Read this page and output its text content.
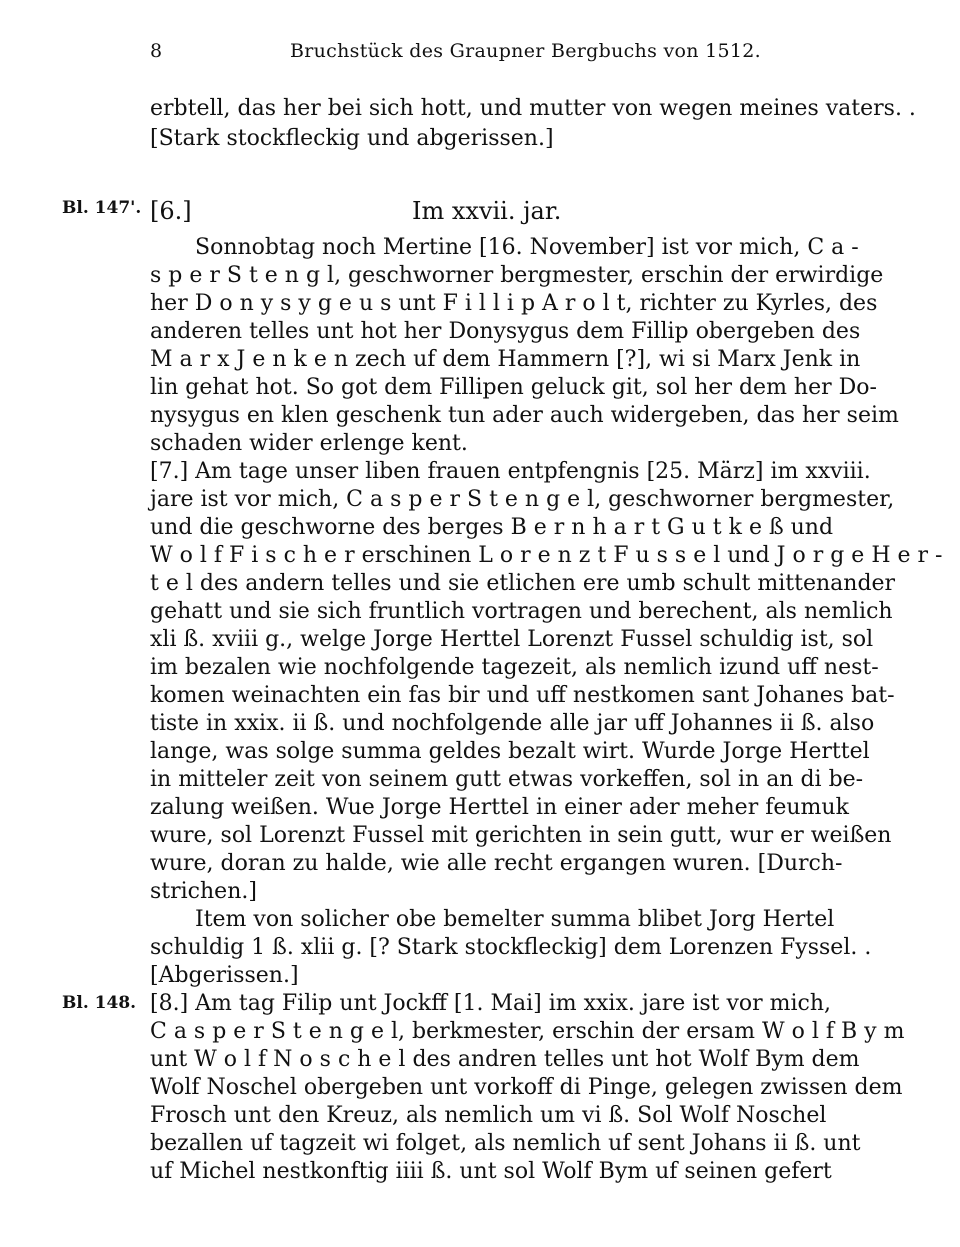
8	Bruchstück des Graupner Bergbuchs von 1512.
erbtell, das her bei sich hott, und mutter von wegen meines vaters. .
[Stark stockfleckig und abgerissen.]
Bl. 147'. [6.]	Im xxvii. jar.
Sonnobtag noch Mertine [16. November] ist vor mich, C a -
s p e r S t e n g l, geschworner bergmester, erschin der erwirdige
her D o n y s y g e u s unt F i l l i p A r o l t, richter zu Kyrles, des
anderen telles unt hot her Donysygus dem Fillip obergeben des
M a r x J e n k e n zech uf dem Hammern [?], wi si Marx Jenk in
lin gehat hot. So got dem Fillipen geluck git, sol her dem her Do-
nysygus en klen geschenk tun ader auch widergeben, das her seim
schaden wider erlenge kent.
[7.] Am tage unser liben frauen entpfengnis [25. März] im xxviii.
jare ist vor mich, C a s p e r S t e n g e l, geschworner bergmester,
und die geschworne des berges B e r n h a r t G u t k e ß und
W o l f F i s c h e r erschinen L o r e n z t F u s s e l und J o r g e H e r -
t e l des andern telles und sie etlichen ere umb schult mittenander
gehatt und sie sich fruntlich vortragen und berechent, als nemlich
xli ß. xviii g., welge Jorge Herttel Lorenzt Fussel schuldig ist, sol
im bezalen wie nochfolgende tagezeit, als nemlich izund uff nest-
komen weinachten ein fas bir und uff nestkomen sant Johanes bat-
tiste in xxix. ii ß. und nochfolgende alle jar uff Johannes ii ß. also
lange, was solge summa geldes bezalt wirt. Wurde Jorge Herttel
in mitteler zeit von seinem gutt etwas vorkeffen, sol in an di be-
zalung weißen. Wue Jorge Herttel in einer ader meher feumuk
wure, sol Lorenzt Fussel mit gerichten in sein gutt, wur er weißen
wure, doran zu halde, wie alle recht ergangen wuren. [Durch-
strichen.]
Item von solicher obe bemelter summa blibet Jorg Hertel
schuldig 1 ß. xlii g. [? Stark stockfleckig] dem Lorenzen Fyssel. .
[Abgerissen.]
Bl. 148. [8.] Am tag Filip unt Jockff [1. Mai] im xxix. jare ist vor mich,
C a s p e r S t e n g e l, berkmester, erschin der ersam W o l f B y m
unt W o l f N o s c h e l des andren telles unt hot Wolf Bym dem
Wolf Noschel obergeben unt vorkoff di Pinge, gelegen zwissen dem
Frosch unt den Kreuz, als nemlich um vi ß. Sol Wolf Noschel
bezallen uf tagzeit wi folget, als nemlich uf sent Johans ii ß. unt
uf Michel nestkonftig iiii ß. unt sol Wolf Bym uf seinen gefert
